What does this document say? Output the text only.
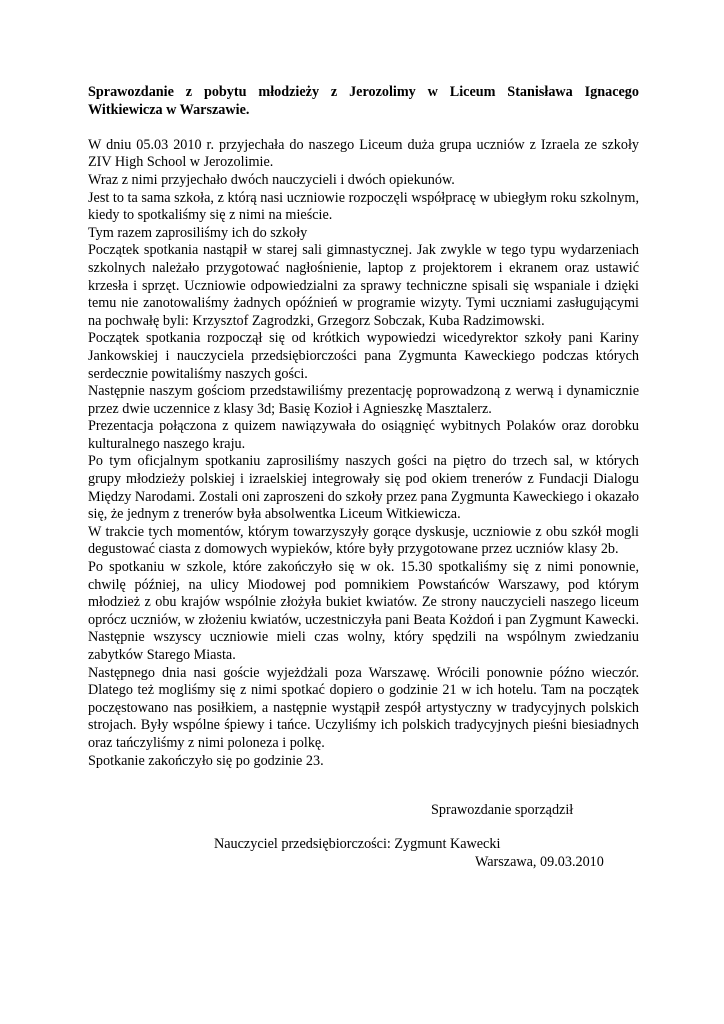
Sprawozdanie z pobytu młodzieży z Jerozolimy w Liceum Stanisława Ignacego Witkiewicza w Warszawie.

W dniu 05.03 2010 r. przyjechała do naszego Liceum duża grupa uczniów z Izraela ze szkoły ZIV High School w Jerozolimie.

Wraz z nimi przyjechało dwóch nauczycieli i dwóch opiekunów.

Jest to ta sama szkoła, z którą nasi uczniowie rozpoczęli współpracę w ubiegłym roku szkolnym, kiedy to spotkaliśmy się z nimi na mieście.

Tym razem zaprosiliśmy ich do szkoły

Początek spotkania nastąpił w starej sali gimnastycznej. Jak zwykle w tego typu wydarzeniach szkolnych należało przygotować nagłośnienie, laptop z projektorem i ekranem oraz ustawić krzesła i sprzęt. Uczniowie odpowiedzialni za sprawy techniczne spisali się wspaniale i dzięki temu nie zanotowaliśmy żadnych opóźnień w programie wizyty. Tymi uczniami zasługującymi na pochwałę byli: Krzysztof Zagrodzki, Grzegorz Sobczak, Kuba Radzimowski.

Początek spotkania rozpoczął się od krótkich wypowiedzi wicedyrektor szkoły pani Kariny Jankowskiej i nauczyciela przedsiębiorczości pana Zygmunta Kaweckiego podczas których serdecznie powitaliśmy naszych gości.

Następnie naszym gościom przedstawiliśmy prezentację poprowadzoną z werwą i dynamicznie przez dwie uczennice z klasy 3d; Basię Kozioł i Agnieszkę Masztalerz.

Prezentacja połączona z quizem nawiązywała do osiągnięć wybitnych Polaków oraz dorobku kulturalnego naszego kraju.

Po tym oficjalnym spotkaniu zaprosiliśmy naszych gości na piętro do trzech sal, w których grupy młodzieży polskiej i izraelskiej integrowały się pod okiem trenerów z Fundacji Dialogu Między Narodami. Zostali oni zaproszeni do szkoły przez pana Zygmunta Kaweckiego i okazało się, że jednym z trenerów była absolwentka Liceum Witkiewicza.

W trakcie tych momentów, którym towarzyszyły gorące dyskusje, uczniowie z obu szkół mogli degustować ciasta z domowych wypieków, które były przygotowane przez uczniów klasy 2b.

Po spotkaniu w szkole, które zakończyło się w ok. 15.30 spotkaliśmy się z nimi ponownie, chwilę później, na ulicy Miodowej pod pomnikiem Powstańców Warszawy, pod którym młodzież z obu krajów wspólnie złożyła bukiet kwiatów. Ze strony nauczycieli naszego liceum oprócz uczniów, w złożeniu kwiatów, uczestniczyła pani Beata Kożdoń i pan Zygmunt Kawecki. Następnie wszyscy uczniowie mieli czas wolny, który spędzili na wspólnym zwiedzaniu zabytków Starego Miasta.

Następnego dnia nasi goście wyjeżdżali poza Warszawę. Wrócili ponownie późno wieczór. Dlatego też mogliśmy się z nimi spotkać dopiero o godzinie 21 w ich hotelu. Tam na początek poczęstowano nas posiłkiem, a następnie wystąpił zespół artystyczny w tradycyjnych polskich strojach. Były wspólne śpiewy i tańce. Uczyliśmy ich polskich tradycyjnych pieśni biesiadnych oraz tańczyliśmy z nimi poloneza i polkę.

Spotkanie zakończyło się po godzinie 23.

Sprawozdanie sporządził
Nauczyciel przedsiębiorczości: Zygmunt Kawecki
Warszawa, 09.03.2010
